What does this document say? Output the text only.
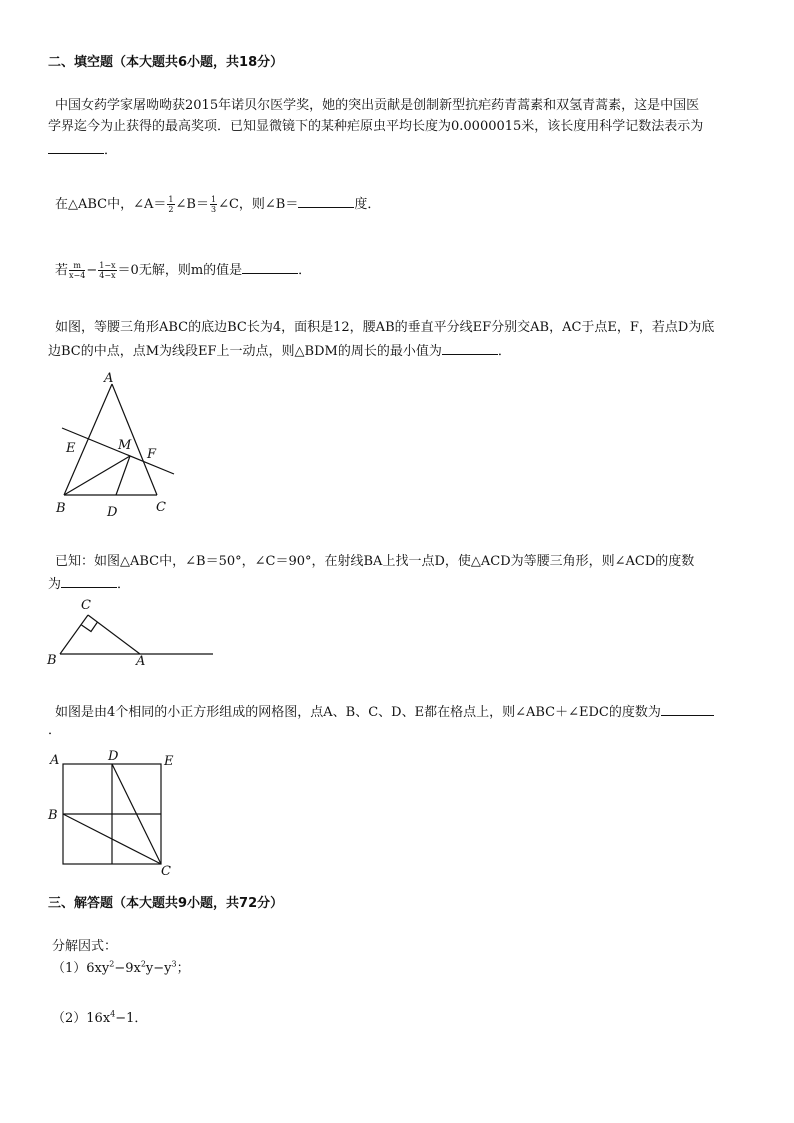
二、填空题（本大题共6小题，共18分）
中国女药学家屠呦呦获2015年诺贝尔医学奖，她的突出贡献是创制新型抗疟药青蒿素和双氢青蒿素，这是中国医
学界迄今为止获得的最高奖项．已知显微镜下的某种疟原虫平均长度为0.0000015米，该长度用科学记数法表示为
．
在△ABC中，∠A＝ $\frac{1}{2}$ ∠B＝ $\frac{1}{3}$ ∠C，则∠B＝	度．
若 $\frac{m}{x-4} - \frac{1-x}{4-x} =0$无解，则m的值是	．
如图，等腰三角形ABC的底边BC长为4，面积是12，腰AB的垂直平分线EF分别交AB，AC于点E，F，若点D为底
边BC的中点，点M为线段EF上一动点，则△BDM的周长的最小值为	．
A
E	M
F
B	D	C
已知：如图△ABC中，∠B＝50°，∠C＝90°，在射线BA上找一点D，使△ACD为等腰三角形，则∠ACD的度数
为	．
C
B	A
如图是由4个相同的小正方形组成的网格图，点A、B、C、D、E都在格点上，则∠ABC＋∠EDC的度数为
．
A	D	E
B
C
三、解答题（本大题共9小题，共72分）
分解因式：
$(1)6xy^2-9x^2y-y^3$；
$(2)16x^4-1$．
